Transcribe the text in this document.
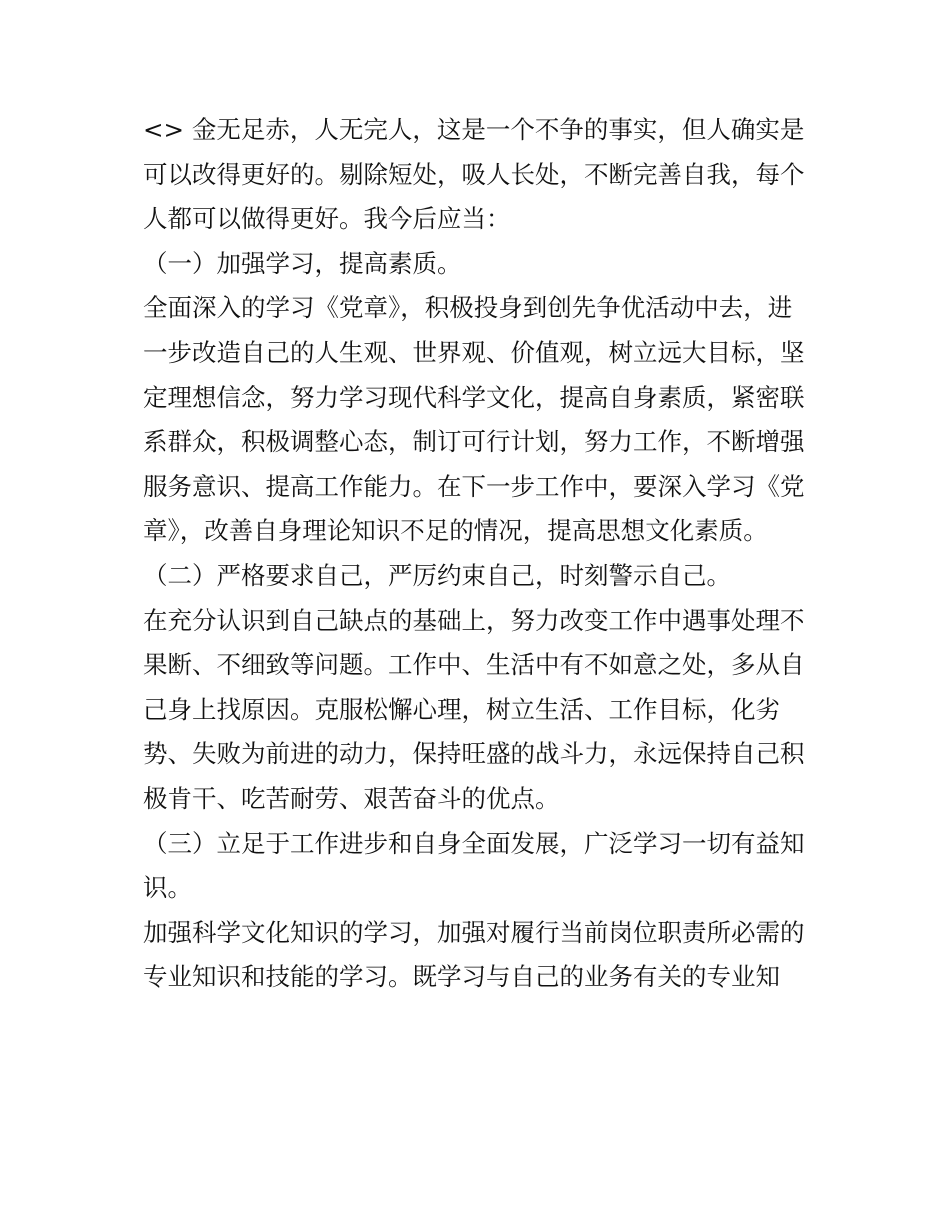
<> 金无足赤，人无完人，这是一个不争的事实，但人确实是
可以改得更好的。剔除短处，吸人长处，不断完善自我，每个
人都可以做得更好。我今后应当：
（一）加强学习，提高素质。
全面深入的学习《党章》，积极投身到创先争优活动中去，进
一步改造自己的人生观、世界观、价值观，树立远大目标，坚
定理想信念，努力学习现代科学文化，提高自身素质，紧密联
系群众，积极调整心态，制订可行计划，努力工作，不断增强
服务意识、提高工作能力。在下一步工作中，要深入学习《党
章》，改善自身理论知识不足的情况，提高思想文化素质。
（二）严格要求自己，严厉约束自己，时刻警示自己。
在充分认识到自己缺点的基础上，努力改变工作中遇事处理不
果断、不细致等问题。工作中、生活中有不如意之处，多从自
己身上找原因。克服松懈心理，树立生活、工作目标，化劣
势、失败为前进的动力，保持旺盛的战斗力，永远保持自己积
极肯干、吃苦耐劳、艰苦奋斗的优点。
（三）立足于工作进步和自身全面发展，广泛学习一切有益知
识。
加强科学文化知识的学习，加强对履行当前岗位职责所必需的
专业知识和技能的学习。既学习与自己的业务有关的专业知
